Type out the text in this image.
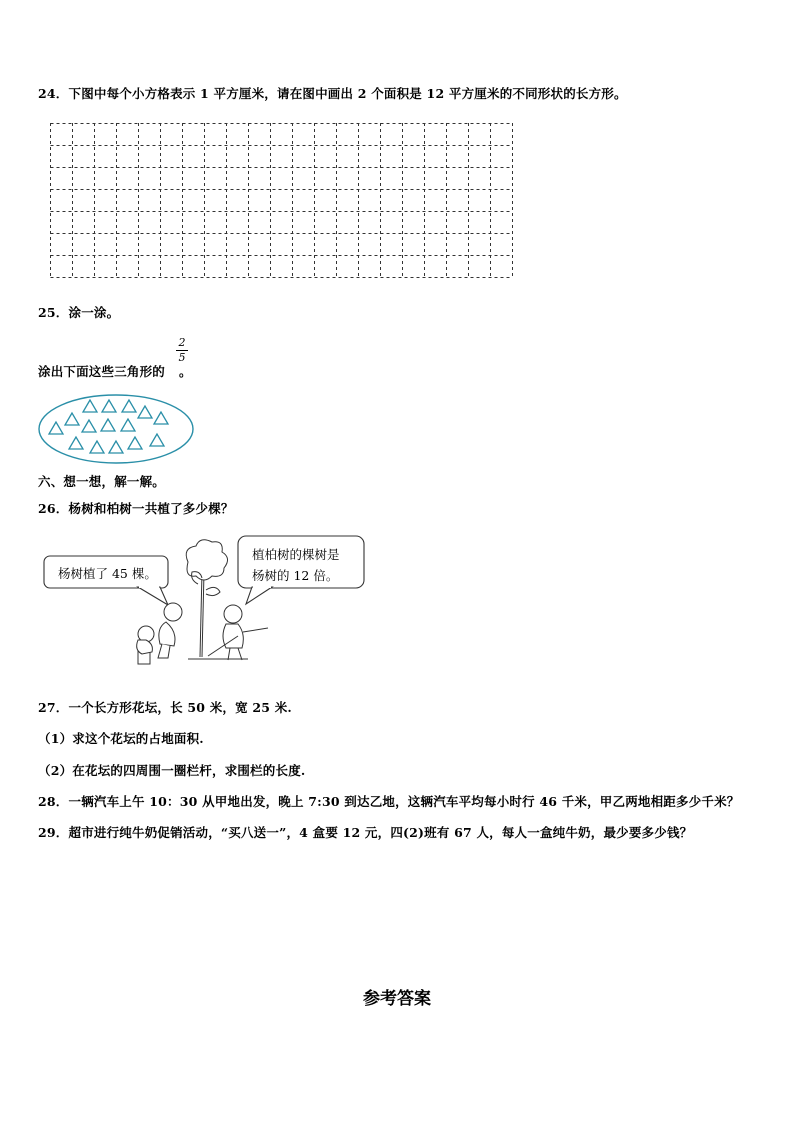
24．下图中每个小方格表示 1 平方厘米，请在图中画出 2 个面积是 12 平方厘米的不同形状的长方形。
25．涂一涂。
涂出下面这些三角形的 。
2
5
六、想一想，解一解。
26．杨树和柏树一共植了多少棵？
杨树植了 45 棵。
植柏树的棵树是
杨树的 12 倍。
27．一个长方形花坛，长 50 米，宽 25 米.
（1）求这个花坛的占地面积.
（2）在花坛的四周围一圈栏杆，求围栏的长度.
28．一辆汽车上午 10：30 从甲地出发，晚上 7:30 到达乙地，这辆汽车平均每小时行 46 千米，甲乙两地相距多少千米？
29．超市进行纯牛奶促销活动，“买八送一”，4 盒要 12 元，四(2)班有 67 人，每人一盒纯牛奶，最少要多少钱？
参考答案
